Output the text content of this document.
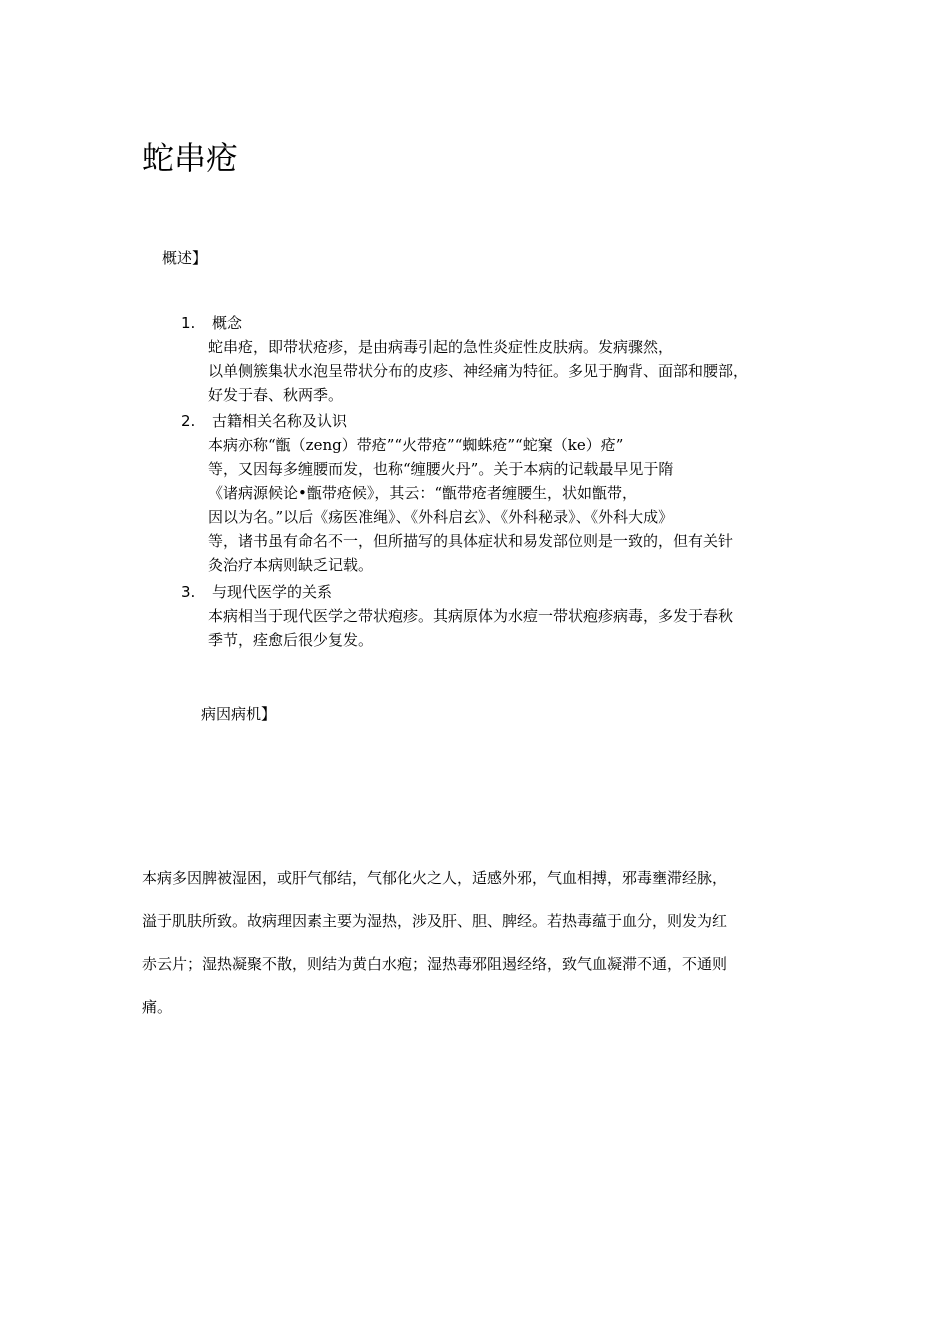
蛇串疮
概述】
1. 概念
蛇串疮，即带状疮疹，是由病毒引起的急性炎症性皮肤病。发病骤然，
以单侧簇集状水泡呈带状分布的皮疹、神经痛为特征。多见于胸背、面部和腰部，
好发于春、秋两季。
2. 古籍相关名称及认识
本病亦称“甑（zeng）带疮”“火带疮”“蜘蛛疮”“蛇窠（ke）疮”
等，又因每多缠腰而发，也称“缠腰火丹”。关于本病的记载最早见于隋
《诸病源候论•甑带疮候》，其云：“甑带疮者缠腰生，状如甑带，
因以为名。”以后《疡医准绳》、《外科启玄》、《外科秘录》、《外科大成》
等，诸书虽有命名不一，但所描写的具体症状和易发部位则是一致的，但有关针
灸治疗本病则缺乏记载。
3. 与现代医学的关系
本病相当于现代医学之带状疱疹。其病原体为水痘一带状疱疹病毒，多发于春秋
季节，痊愈后很少复发。
病因病机】
本病多因脾被湿困，或肝气郁结，气郁化火之人，适感外邪，气血相搏，邪毒壅滞经脉，
溢于肌肤所致。故病理因素主要为湿热，涉及肝、胆、脾经。若热毒蕴于血分，则发为红
赤云片；湿热凝聚不散，则结为黄白水疱；湿热毒邪阻遏经络，致气血凝滞不通，不通则
痛。
